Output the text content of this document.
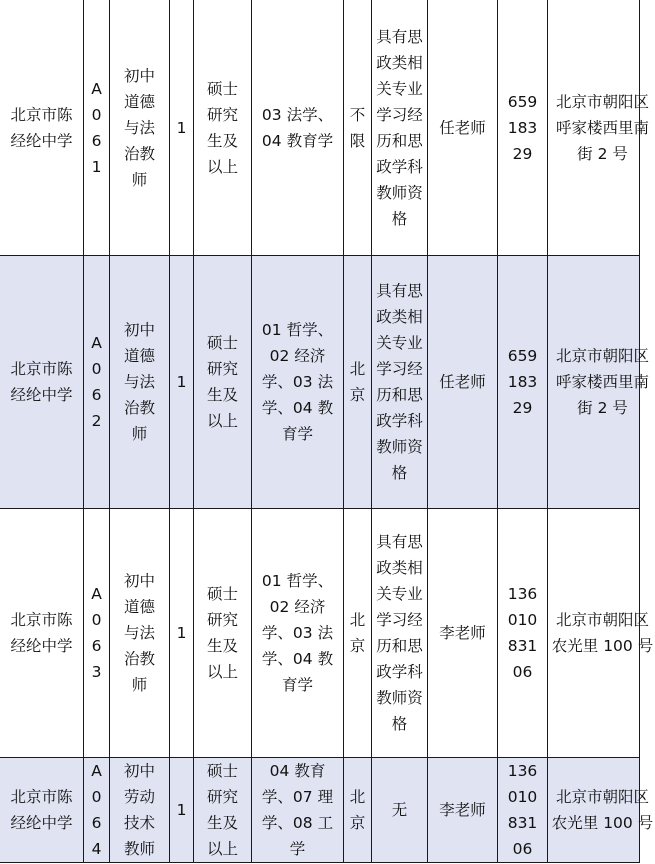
北京市陈经纶中学	A061	初中道德与法治教师	1	硕士研究生及以上	03 法学、04 教育学	不限	具有思政类相关专业学习经历和思政学科教师资格	任老师	65918329	北京市朝阳区呼家楼西里南街 2 号
北京市陈经纶中学	A062	初中道德与法治教师	1	硕士研究生及以上	01 哲学、02 经济学、03 法学、04 教育学	北京	具有思政类相关专业学习经历和思政学科教师资格	任老师	65918329	北京市朝阳区呼家楼西里南街 2 号
北京市陈经纶中学	A063	初中道德与法治教师	1	硕士研究生及以上	01 哲学、02 经济学、03 法学、04 教育学	北京	具有思政类相关专业学习经历和思政学科教师资格	李老师	13601083106	北京市朝阳区农光里 100 号
北京市陈经纶中学	A064	初中劳动技术教师	1	硕士研究生及以上	04 教育学、07 理学、08 工学	北京	无	李老师	13601083106	北京市朝阳区农光里 100 号
